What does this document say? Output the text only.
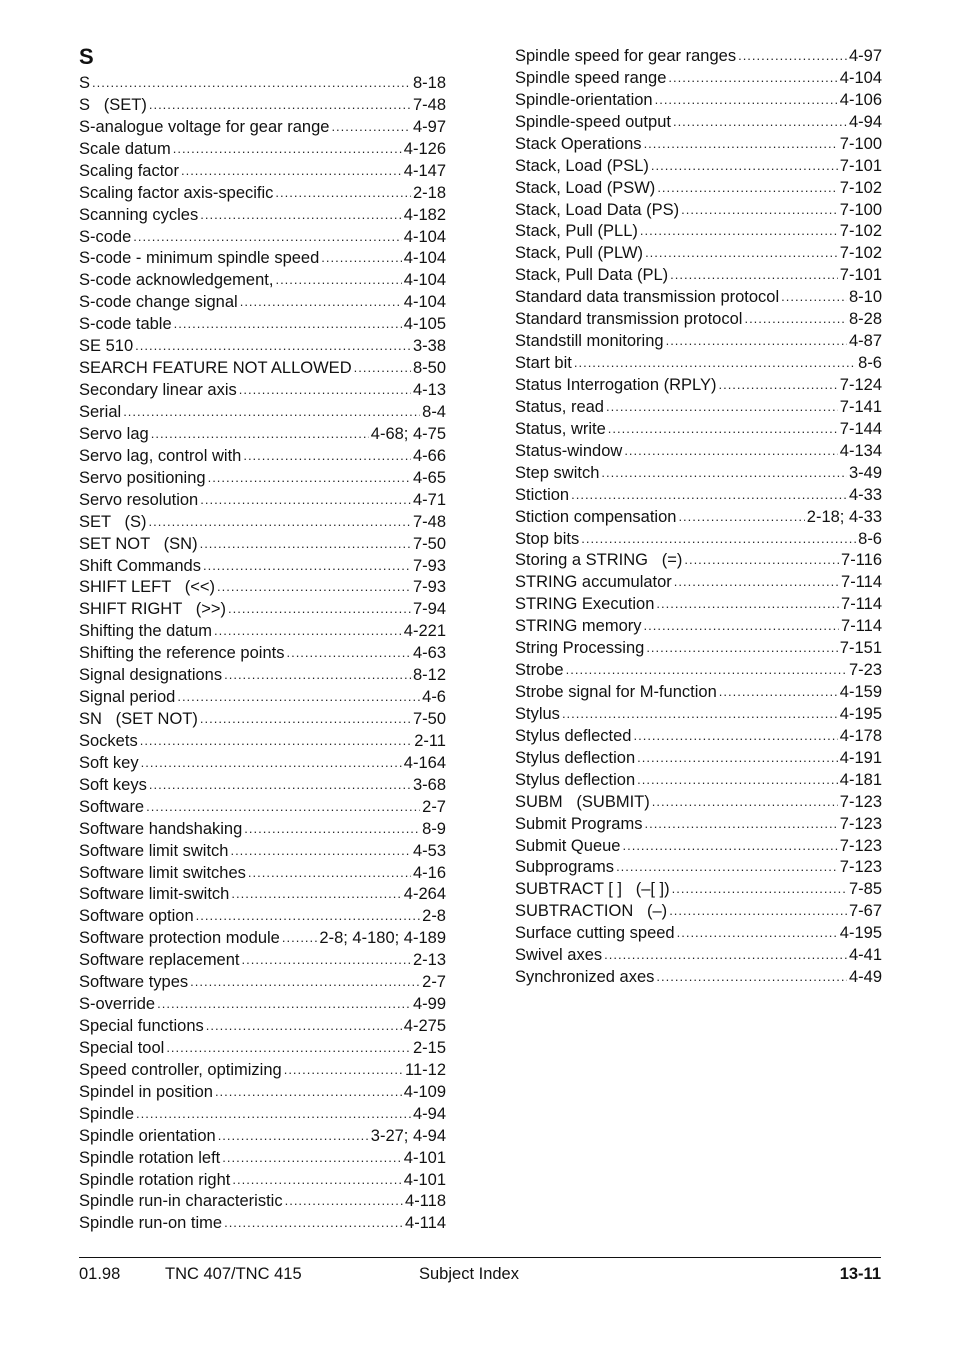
S
S .....	8-18
S   (SET) .....	7-48
S-analogue voltage for gear range .....	4-97
Scale datum .....	4-126
Scaling factor .....	4-147
Scaling factor axis-specific .....	2-18
Scanning cycles .....	4-182
S-code .....	4-104
S-code - minimum spindle speed .....	4-104
S-code acknowledgement, .....	4-104
S-code change signal .....	4-104
S-code table .....	4-105
SE 510 .....	3-38
SEARCH FEATURE NOT ALLOWED .....	8-50
Secondary linear axis .....	4-13
Serial .....	8-4
Servo lag .....	4-68; 4-75
Servo lag, control with .....	4-66
Servo positioning .....	4-65
Servo resolution .....	4-71
SET   (S) .....	7-48
SET NOT   (SN) .....	7-50
Shift Commands .....	7-93
SHIFT LEFT   (<<) .....	7-93
SHIFT RIGHT   (>>) .....	7-94
Shifting the datum .....	4-221
Shifting the reference points .....	4-63
Signal designations .....	8-12
Signal period .....	4-6
SN   (SET NOT) .....	7-50
Sockets .....	2-11
Soft key .....	4-164
Soft keys .....	3-68
Software .....	2-7
Software handshaking .....	8-9
Software limit switch .....	4-53
Software limit switches .....	4-16
Software limit-switch .....	4-264
Software option .....	2-8
Software protection module ..... 2-8; 4-180; 4-189
Software replacement .....	2-13
Software types .....	2-7
S-override .....	4-99
Special functions .....	4-275
Special tool .....	2-15
Speed controller, optimizing .....	11-12
Spindel in position .....	4-109
Spindle .....	4-94
Spindle orientation .....	3-27; 4-94
Spindle rotation left .....	4-101
Spindle rotation right .....	4-101
Spindle run-in characteristic .....	4-118
Spindle run-on time .....	4-114
Spindle speed for gear ranges .....	4-97
Spindle speed range .....	4-104
Spindle-orientation .....	4-106
Spindle-speed output .....	4-94
Stack Operations .....	7-100
Stack, Load (PSL) .....	7-101
Stack, Load (PSW) .....	7-102
Stack, Load Data (PS) .....	7-100
Stack, Pull (PLL) .....	7-102
Stack, Pull (PLW) .....	7-102
Stack, Pull Data (PL) .....	7-101
Standard data transmission protocol .....	8-10
Standard transmission protocol .....	8-28
Standstill monitoring .....	4-87
Start bit .....	8-6
Status Interrogation (RPLY) .....	7-124
Status, read .....	7-141
Status, write .....	7-144
Status-window .....	4-134
Step switch .....	3-49
Stiction .....	4-33
Stiction compensation .....	2-18; 4-33
Stop bits .....	8-6
Storing a STRING   (=) .....	7-116
STRING accumulator .....	7-114
STRING Execution .....	7-114
STRING memory .....	7-114
String Processing .....	7-151
Strobe .....	7-23
Strobe signal for M-function .....	4-159
Stylus .....	4-195
Stylus deflected .....	4-178
Stylus deflection .....	4-191
Stylus deflection .....	4-181
SUBM   (SUBMIT) .....	7-123
Submit Programs .....	7-123
Submit Queue .....	7-123
Subprograms .....	7-123
SUBTRACT [ ]   (–[ ]) .....	7-85
SUBTRACTION   (–) .....	7-67
Surface cutting speed .....	4-195
Swivel axes .....	4-41
Synchronized axes .....	4-49
01.98	TNC 407/TNC 415	Subject Index	13-11
